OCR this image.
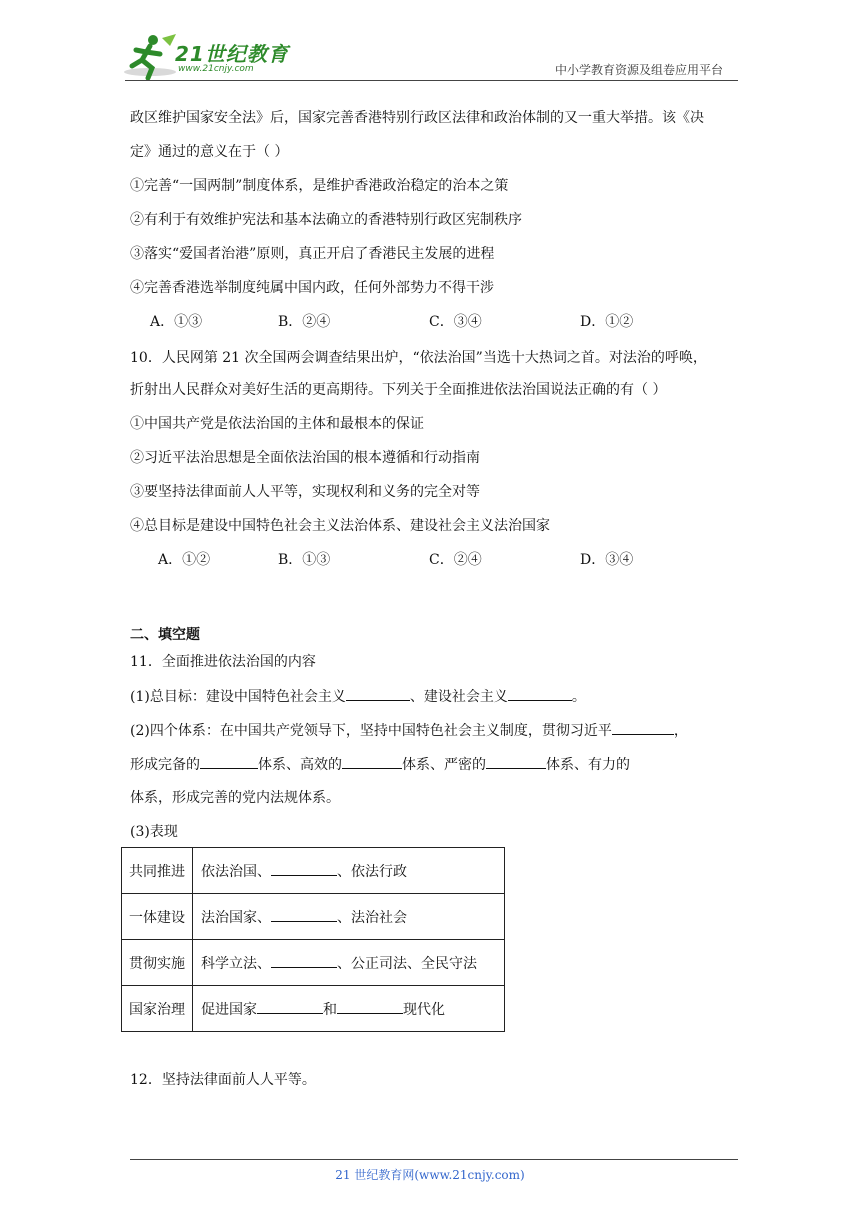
21世纪教育
www.21cnjy.com	中小学教育资源及组卷应用平台
政区维护国家安全法》后，国家完善香港特别行政区法律和政治体制的又一重大举措。该《决
定》通过的意义在于（ ）
①完善“一国两制”制度体系，是维护香港政治稳定的治本之策
②有利于有效维护宪法和基本法确立的香港特别行政区宪制秩序
③落实“爱国者治港”原则，真正开启了香港民主发展的进程
④完善香港选举制度纯属中国内政，任何外部势力不得干涉
A．①③	B．②④	C．③④	D．①②
10．人民网第 21 次全国两会调查结果出炉，“依法治国”当选十大热词之首。对法治的呼唤，
折射出人民群众对美好生活的更高期待。下列关于全面推进依法治国说法正确的有（ ）
①中国共产党是依法治国的主体和最根本的保证
②习近平法治思想是全面依法治国的根本遵循和行动指南
③要坚持法律面前人人平等，实现权利和义务的完全对等
④总目标是建设中国特色社会主义法治体系、建设社会主义法治国家
A．①②	B．①③	C．②④	D．③④
二、填空题
11．全面推进依法治国的内容
(1)总目标：建设中国特色社会主义	、建设社会主义	。
(2)四个体系：在中国共产党领导下，坚持中国特色社会主义制度，贯彻习近平	，
形成完备的	体系、高效的	体系、严密的	体系、有力的
体系，形成完善的党内法规体系。
(3)表现
12．坚持法律面前人人平等。
共同推进	依法治国、 、依法行政
一体建设	法治国家、 、法治社会
贯彻实施	科学立法、 、公正司法、全民守法
国家治理	促进国家 和 现代化
21 世纪教育网(www.21cnjy.com)
